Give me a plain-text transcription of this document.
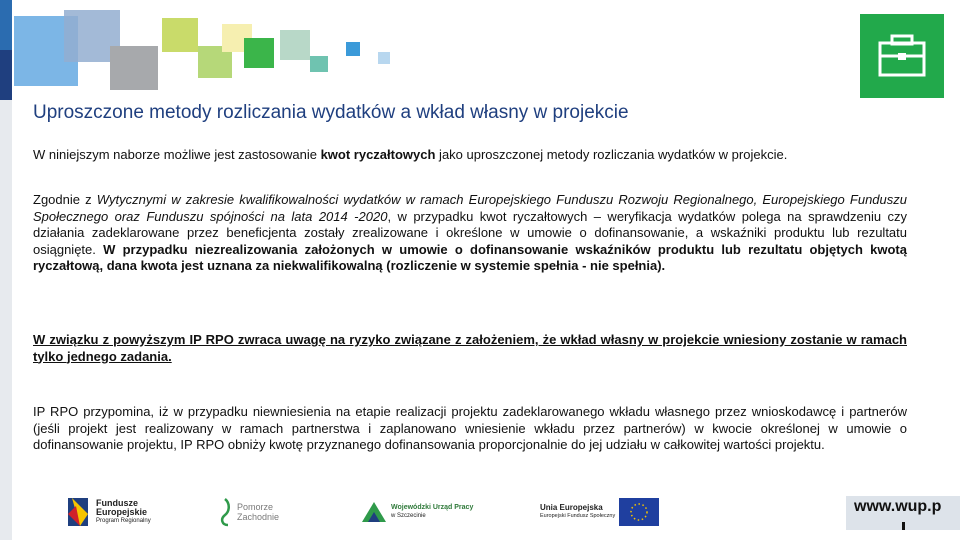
Uproszczone metody rozliczania wydatków a wkład własny w projekcie
W niniejszym naborze możliwe jest zastosowanie kwot ryczałtowych jako uproszczonej metody rozliczania wydatków w projekcie.
Zgodnie z Wytycznymi w zakresie kwalifikowalności wydatków w ramach Europejskiego Funduszu Rozwoju Regionalnego, Europejskiego Funduszu Społecznego oraz Funduszu spójności na lata 2014 -2020, w przypadku kwot ryczałtowych – weryfikacja wydatków polega na sprawdzeniu czy działania zadeklarowane przez beneficjenta zostały zrealizowane i określone w umowie o dofinansowanie, a wskaźniki produktu lub rezultatu osiągnięte. W przypadku niezrealizowania założonych w umowie o dofinansowanie wskaźników produktu lub rezultatu objętych kwotą ryczałtową, dana kwota jest uznana za niekwalifikowalną (rozliczenie w systemie spełnia - nie spełnia).
W związku z powyższym IP RPO zwraca uwagę na ryzyko związane z założeniem, że wkład własny w projekcie wniesiony zostanie w ramach tylko jednego zadania.
IP RPO przypomina, iż w przypadku niewniesienia na etapie realizacji projektu zadeklarowanego wkładu własnego przez wnioskodawcę i partnerów (jeśli projekt jest realizowany w ramach partnerstwa i zaplanowano wniesienie wkładu przez partnerów) w kwocie określonej w umowie o dofinansowanie projektu, IP RPO obniży kwotę przyznanego dofinansowania proporcjonalnie do jej udziału w całkowitej wartości projektu.
Fundusze
Europejskie
Program Regionalny
Pomorze
Zachodnie
Wojewódzki Urząd Pracy
w Szczecinie
Unia Europejska
Europejski Fundusz Społeczny
www.wup.p
